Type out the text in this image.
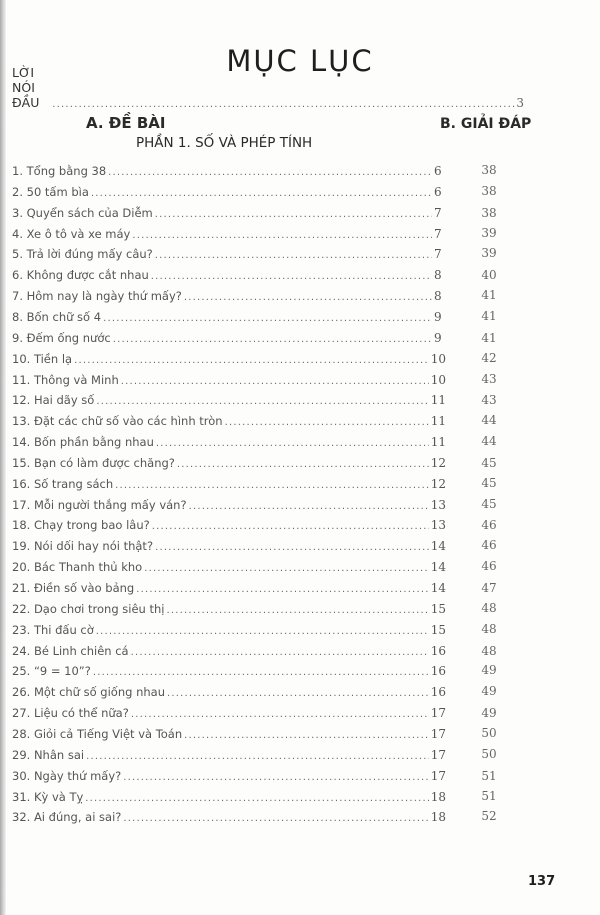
MỤC LỤC
LỜI NÓI ĐẦU .....	3
A. ĐỀ BÀI	B. GIẢI ĐÁP
PHẦN 1. SỐ VÀ PHÉP TÍNH
1. Tổng bằng 38 .....	6	38
2. 50 tấm bìa .....	6	38
3. Quyển sách của Diễm .....	7	38
4. Xe ô tô và xe máy .....	7	39
5. Trả lời đúng mấy câu? .....	7	39
6. Không được cắt nhau .....	8	40
7. Hôm nay là ngày thứ mấy? .....	8	41
8. Bốn chữ số 4 .....	9	41
9. Đếm ống nước .....	9	41
10. Tiền lạ .....	10	42
11. Thông và Minh .....	10	43
12. Hai dãy số .....	11	43
13. Đặt các chữ số vào các hình tròn .....	11	44
14. Bốn phần bằng nhau .....	11	44
15. Bạn có làm được chăng? .....	12	45
16. Số trang sách .....	12	45
17. Mỗi người thắng mấy ván? .....	13	45
18. Chạy trong bao lâu? .....	13	46
19. Nói dối hay nói thật? .....	14	46
20. Bác Thanh thủ kho .....	14	46
21. Điền số vào bảng .....	14	47
22. Dạo chơi trong siêu thị .....	15	48
23. Thi đấu cờ .....	15	48
24. Bé Linh chiên cá .....	16	48
25. “9 = 10”? .....	16	49
26. Một chữ số giống nhau .....	16	49
27. Liệu có thể nữa? .....	17	49
28. Giỏi cả Tiếng Việt và Toán .....	17	50
29. Nhân sai .....	17	50
30. Ngày thứ mấy? .....	17	51
31. Kỳ và Tỵ .....	18	51
32. Ai đúng, ai sai? .....	18	52
137
